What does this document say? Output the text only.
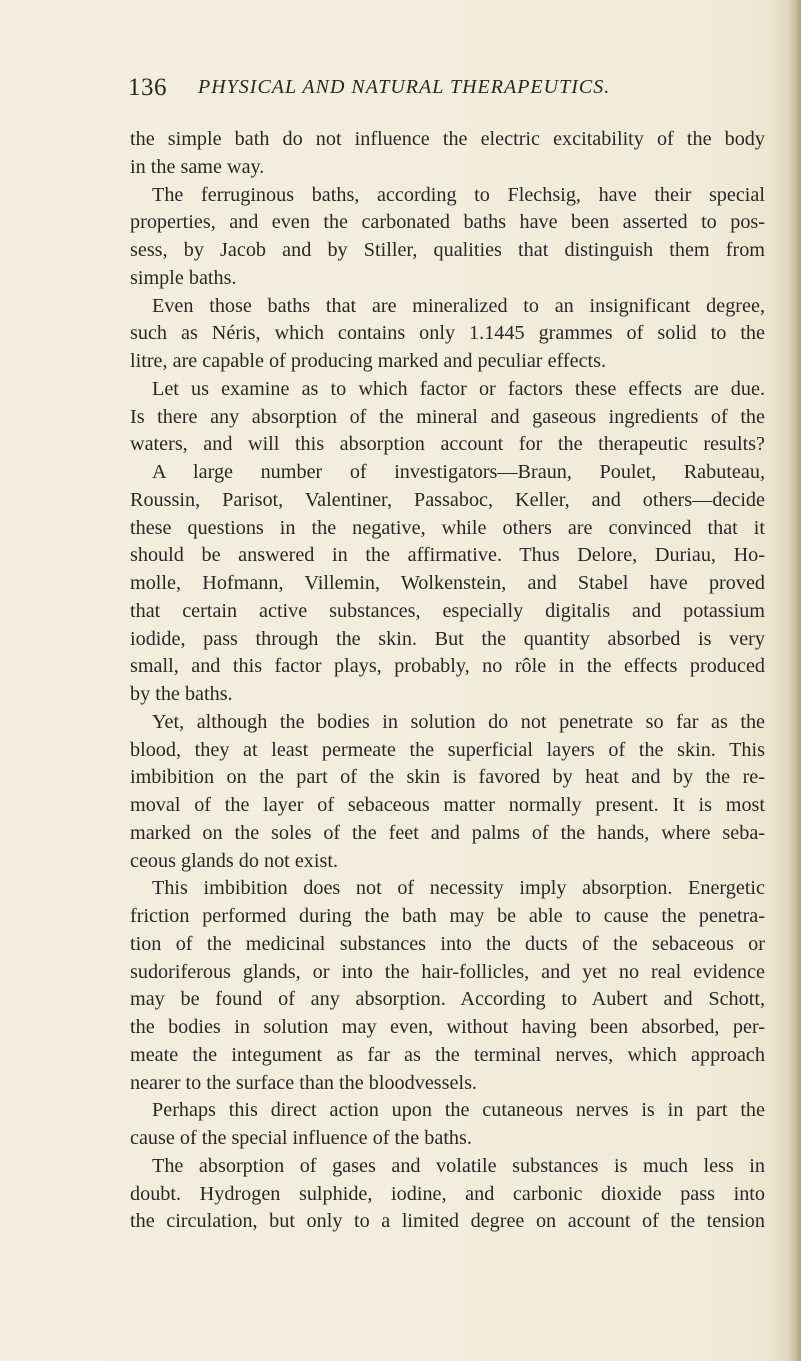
136 PHYSICAL AND NATURAL THERAPEUTICS.
the simple bath do not influence the electric excitability of the body
in the same way.
The ferruginous baths, according to Flechsig, have their special
properties, and even the carbonated baths have been asserted to pos-
sess, by Jacob and by Stiller, qualities that distinguish them from
simple baths.
Even those baths that are mineralized to an insignificant degree,
such as Néris, which contains only 1.1445 grammes of solid to the
litre, are capable of producing marked and peculiar effects.
Let us examine as to which factor or factors these effects are due.
Is there any absorption of the mineral and gaseous ingredients of the
waters, and will this absorption account for the therapeutic results?
A large number of investigators—Braun, Poulet, Rabuteau,
Roussin, Parisot, Valentiner, Passaboc, Keller, and others—decide
these questions in the negative, while others are convinced that it
should be answered in the affirmative. Thus Delore, Duriau, Ho-
molle, Hofmann, Villemin, Wolkenstein, and Stabel have proved
that certain active substances, especially digitalis and potassium
iodide, pass through the skin. But the quantity absorbed is very
small, and this factor plays, probably, no rôle in the effects produced
by the baths.
Yet, although the bodies in solution do not penetrate so far as the
blood, they at least permeate the superficial layers of the skin. This
imbibition on the part of the skin is favored by heat and by the re-
moval of the layer of sebaceous matter normally present. It is most
marked on the soles of the feet and palms of the hands, where seba-
ceous glands do not exist.
This imbibition does not of necessity imply absorption. Energetic
friction performed during the bath may be able to cause the penetra-
tion of the medicinal substances into the ducts of the sebaceous or
sudoriferous glands, or into the hair-follicles, and yet no real evidence
may be found of any absorption. According to Aubert and Schott,
the bodies in solution may even, without having been absorbed, per-
meate the integument as far as the terminal nerves, which approach
nearer to the surface than the bloodvessels.
Perhaps this direct action upon the cutaneous nerves is in part the
cause of the special influence of the baths.
The absorption of gases and volatile substances is much less in
doubt. Hydrogen sulphide, iodine, and carbonic dioxide pass into
the circulation, but only to a limited degree on account of the tension
